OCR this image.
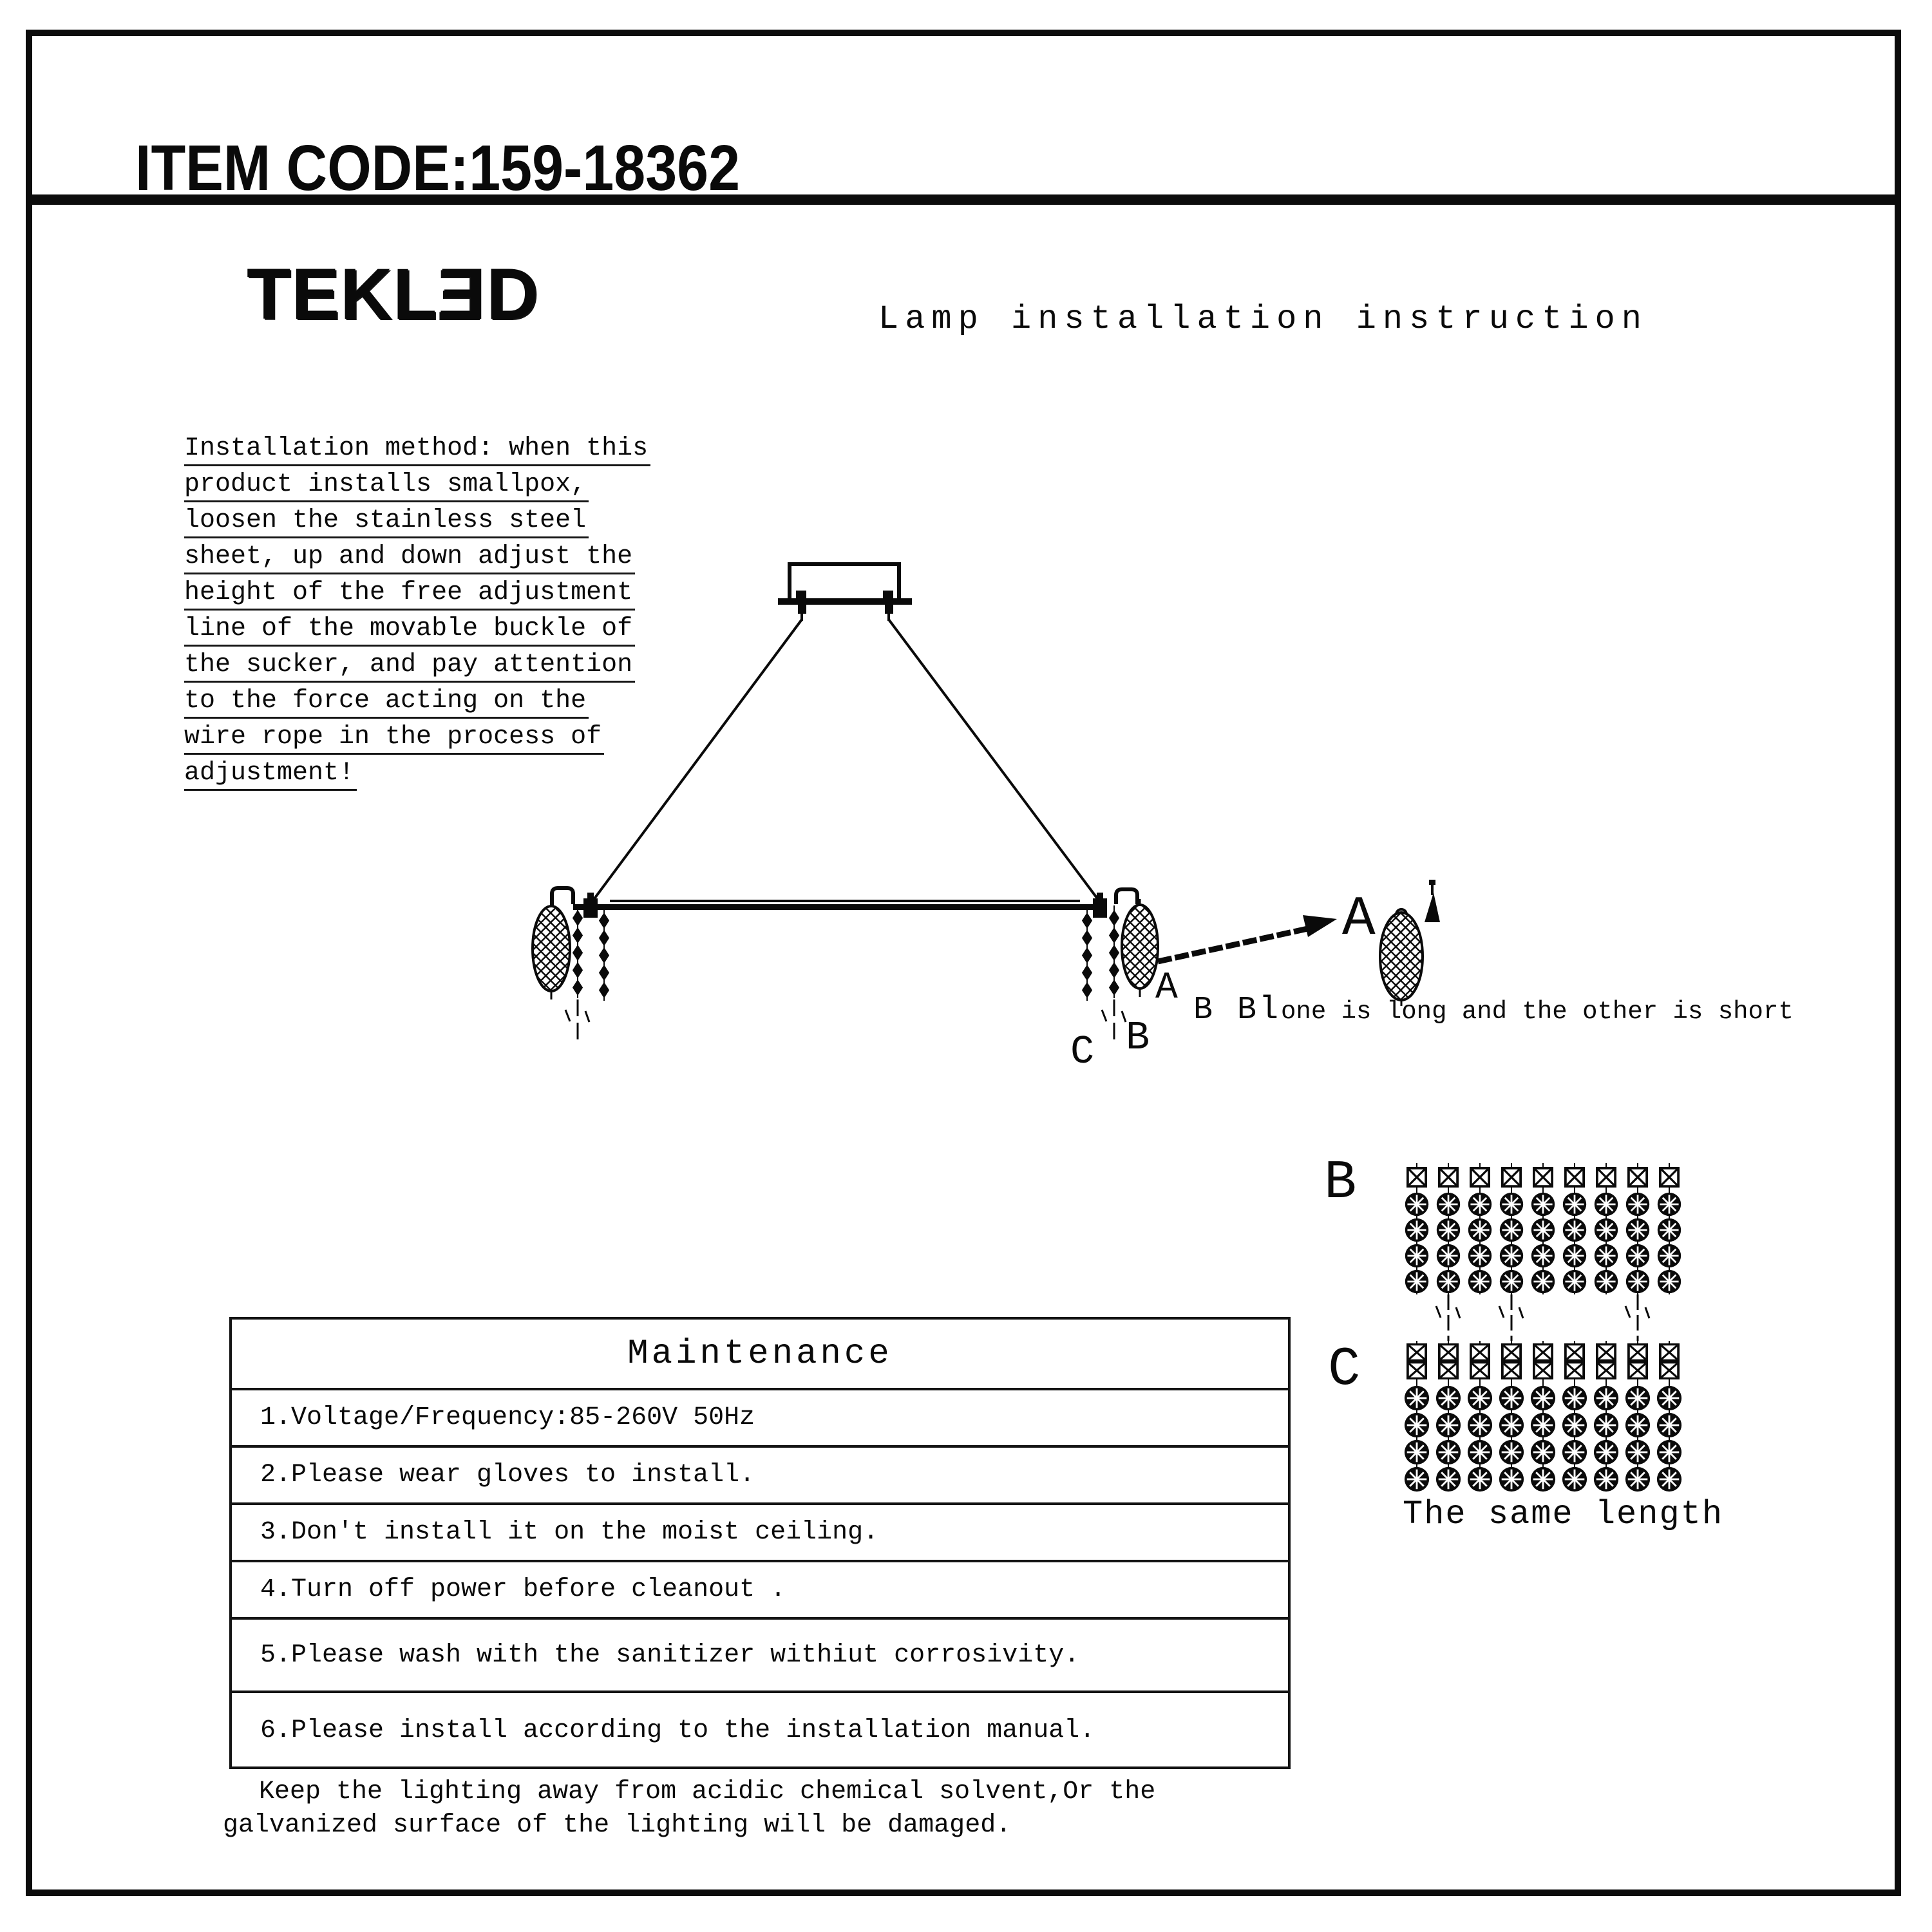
ITEM CODE:159-18362
TEKLED	Lamp installation instruction
Installation method: when this
product installs smallpox,
loosen the stainless steel
sheet, up and down adjust the
height of the free adjustment
line of the movable buckle of
the sucker, and pay attention
to the force acting on the
wire rope in the process of
adjustment!
A
A
B
C
B Blone is long and the other is short
B
C
The same length
Maintenance
1.Voltage/Frequency:85-260V 50Hz
2.Please wear gloves to install.
3.Don't install it on the moist ceiling.
4.Turn off power before cleanout .
5.Please wash with the sanitizer withiut corrosivity.
6.Please install according to the installation manual.
Keep the lighting away from acidic chemical solvent,Or the
galvanized surface of the lighting will be damaged.
